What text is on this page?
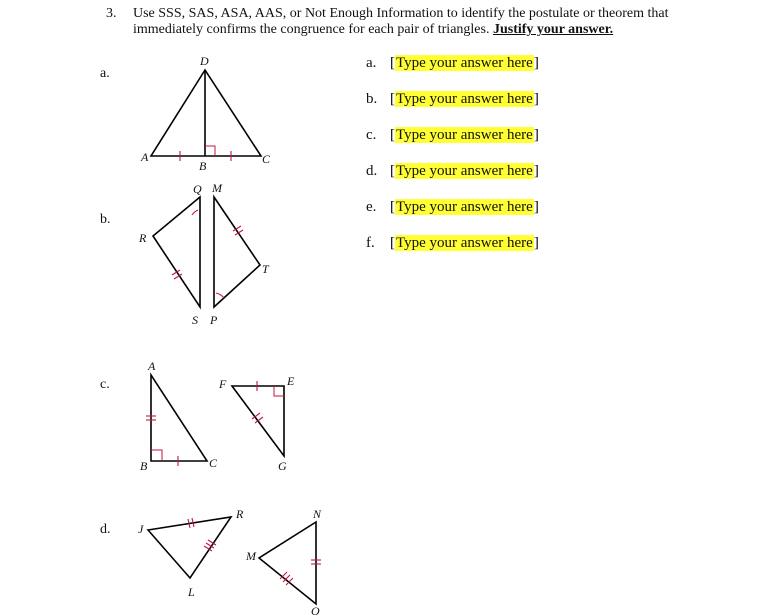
3. Use SSS, SAS, ASA, AAS, or Not Enough Information to identify the postulate or theorem that
immediately confirms the congruence for each pair of triangles. Justify your answer.
a.
b.
c.
d.
a. [Type your answer here]
b. [Type your answer here]
c. [Type your answer here]
d. [Type your answer here]
e. [Type your answer here]
f. [Type your answer here]
D
A
B	C
Q M
R
T
S P
A
B	C
F	E
G
J
R
L
N
M
O
